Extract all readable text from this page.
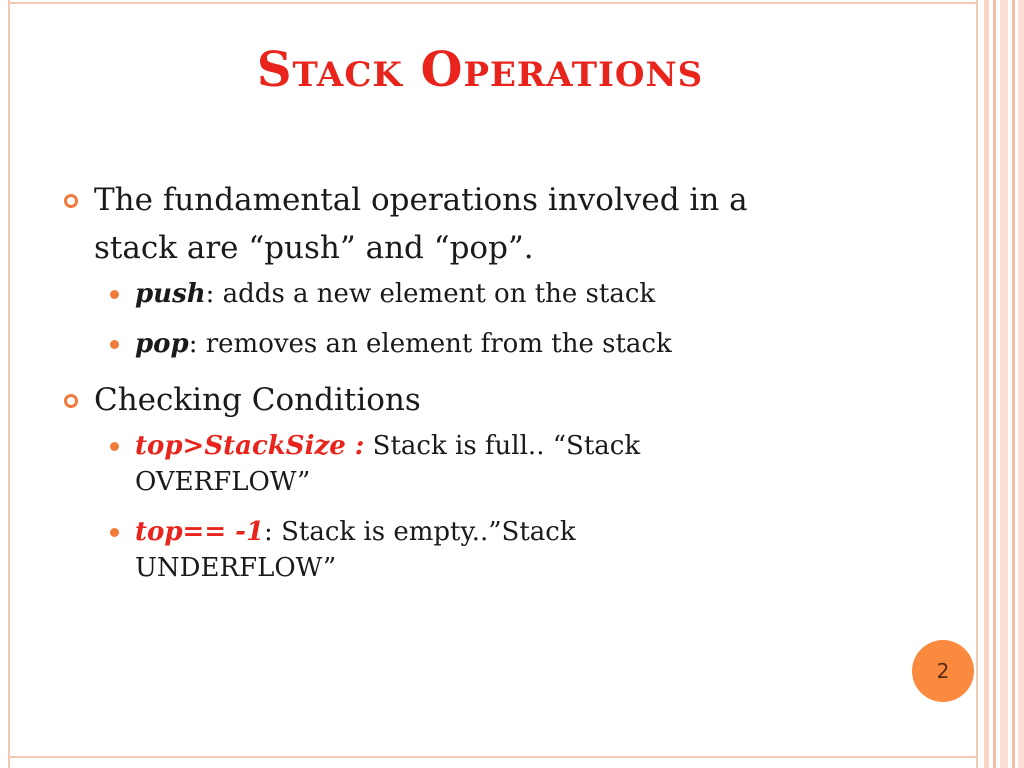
Stack Operations
The fundamental operations involved in a
stack are “push” and “pop”.
push: adds a new element on the stack
pop: removes an element from the stack
Checking Conditions
top>StackSize : Stack is full.. “Stack
OVERFLOW”
top== -1: Stack is empty..”Stack
UNDERFLOW”
2
